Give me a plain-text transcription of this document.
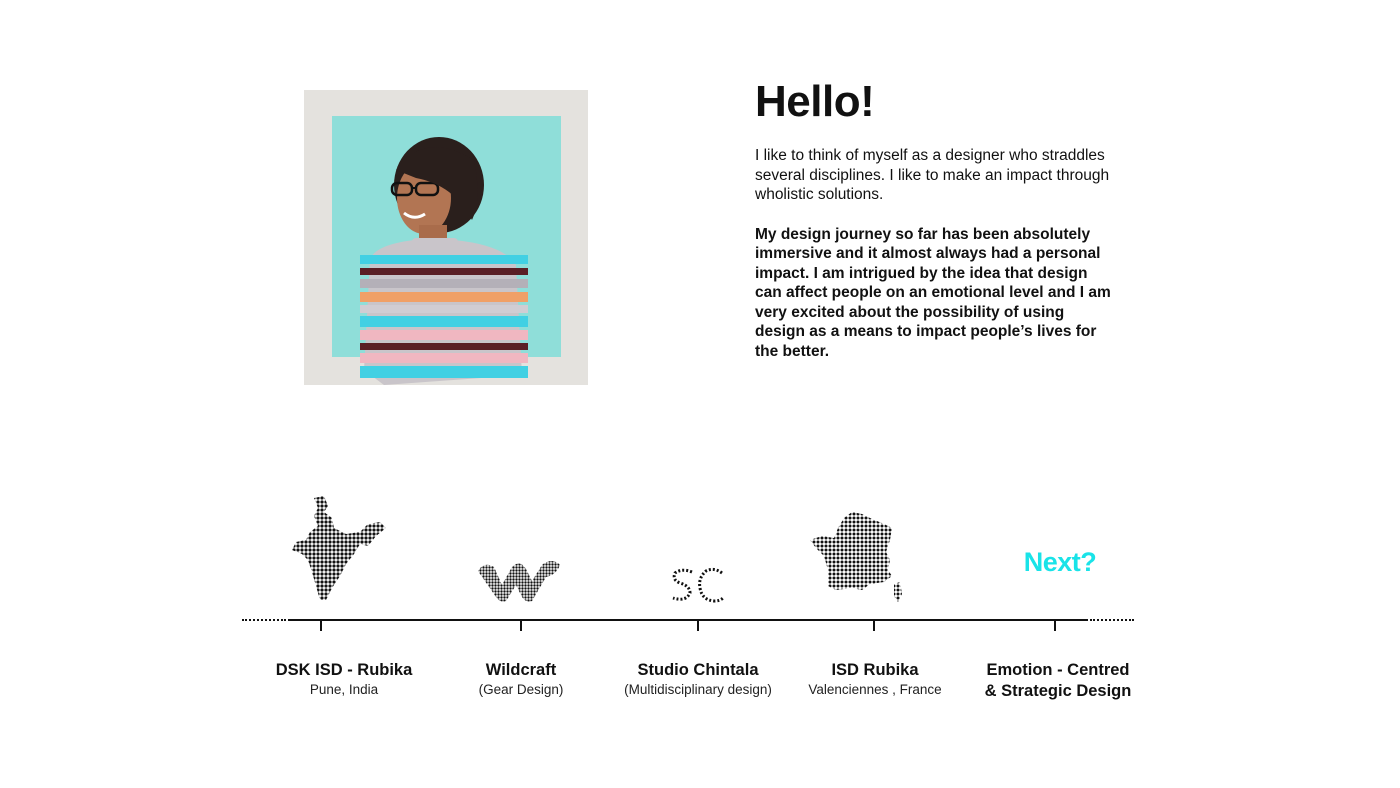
Hello!

I like to think of myself as a designer who straddles several disciplines. I like to make an impact through wholistic solutions.

My design journey so far has been absolutely immersive and it almost always had a personal impact. I am intrigued by the idea that design can affect people on an emotional level and I am very excited about the possibility of using design as a means to impact people’s lives for the better.

Next?
DSK ISD - Rubika
Pune, India
Wildcraft
(Gear Design)
Studio Chintala
(Multidisciplinary design)
ISD Rubika
Valenciennes , France
Emotion - Centred
& Strategic Design
